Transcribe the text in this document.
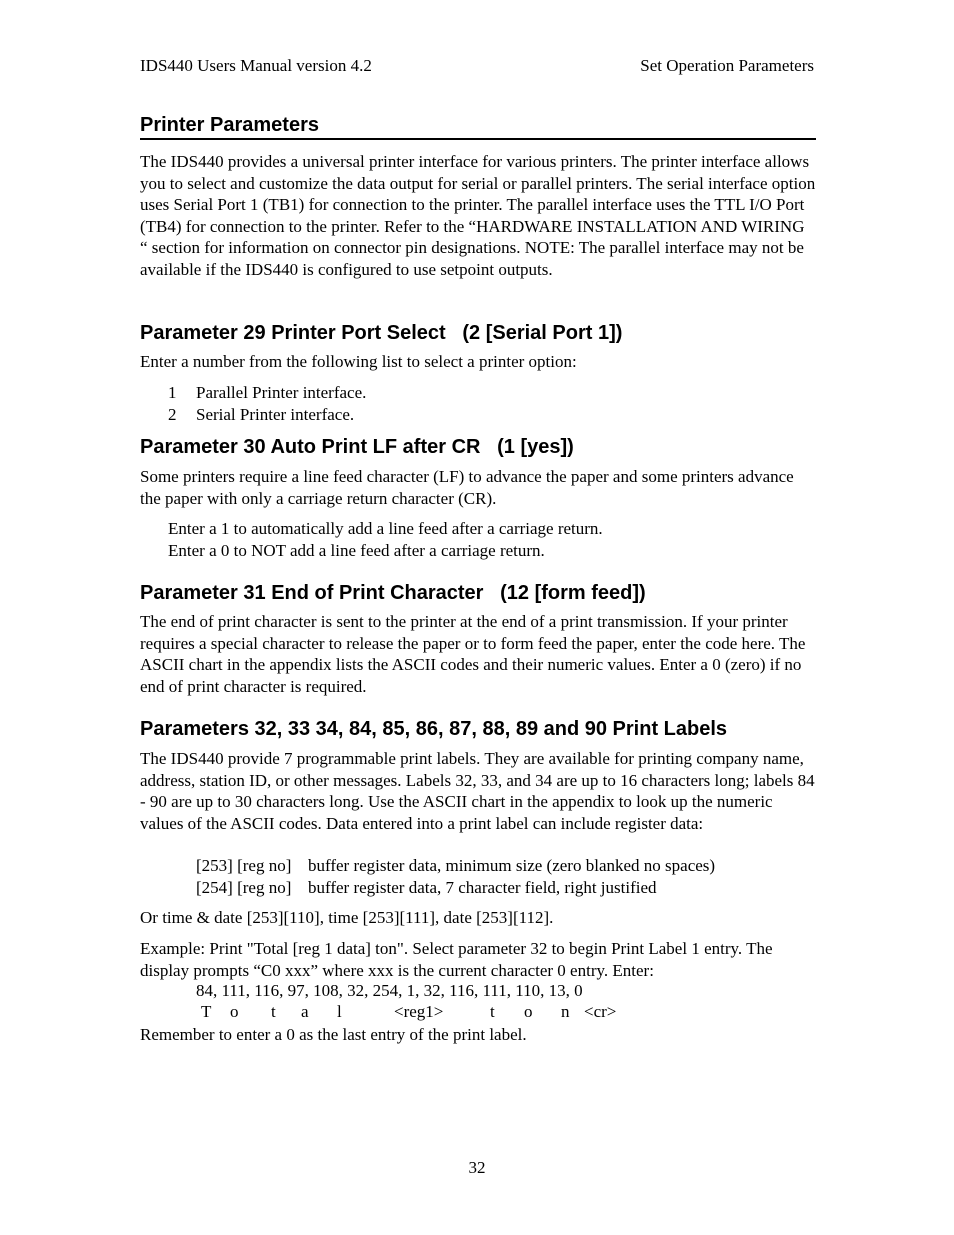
IDS440 Users Manual version 4.2	Set Operation Parameters
Printer Parameters

The IDS440 provides a universal printer interface for various printers. The printer interface allows you to select and customize the data output for serial or parallel printers. The serial interface option uses Serial Port 1 (TB1) for connection to the printer. The parallel interface uses the TTL I/O Port (TB4) for connection to the printer. Refer to the “HARDWARE INSTALLATION AND WIRING “ section for information on connector pin designations. NOTE: The parallel interface may not be available if the IDS440 is configured to use setpoint outputs.

Parameter 29 Printer Port Select   (2 [Serial Port 1])
Enter a number from the following list to select a printer option:
1 Parallel Printer interface.
2 Serial Printer interface.
Parameter 30 Auto Print LF after CR   (1 [yes])

Some printers require a line feed character (LF) to advance the paper and some printers advance the paper with only a carriage return character (CR).

Enter a 1 to automatically add a line feed after a carriage return.
Enter a 0 to NOT add a line feed after a carriage return.
Parameter 31 End of Print Character   (12 [form feed])

The end of print character is sent to the printer at the end of a print transmission. If your printer requires a special character to release the paper or to form feed the paper, enter the code here. The ASCII chart in the appendix lists the ASCII codes and their numeric values. Enter a 0 (zero) if no end of print character is required.

Parameters 32, 33 34, 84, 85, 86, 87, 88, 89 and 90 Print Labels

The IDS440 provide 7 programmable print labels. They are available for printing company name, address, station ID, or other messages. Labels 32, 33, and 34 are up to 16 characters long; labels 84 - 90 are up to 30 characters long. Use the ASCII chart in the appendix to look up the numeric values of the ASCII codes. Data entered into a print label can include register data:

[253] [reg no] buffer register data, minimum size (zero blanked no spaces)
[254] [reg no] buffer register data, 7 character field, right justified
Or time & date [253][110], time [253][111], date [253][112].

Example: Print "Total [reg 1 data] ton". Select parameter 32 to begin Print Label 1 entry. The display prompts “C0 xxx” where xxx is the current character 0 entry. Enter:

84, 111, 116, 97, 108, 32, 254, 1, 32, 116, 111, 110, 13, 0
T o t a l	<reg1>	t o n <cr>
Remember to enter a 0 as the last entry of the print label.
32
